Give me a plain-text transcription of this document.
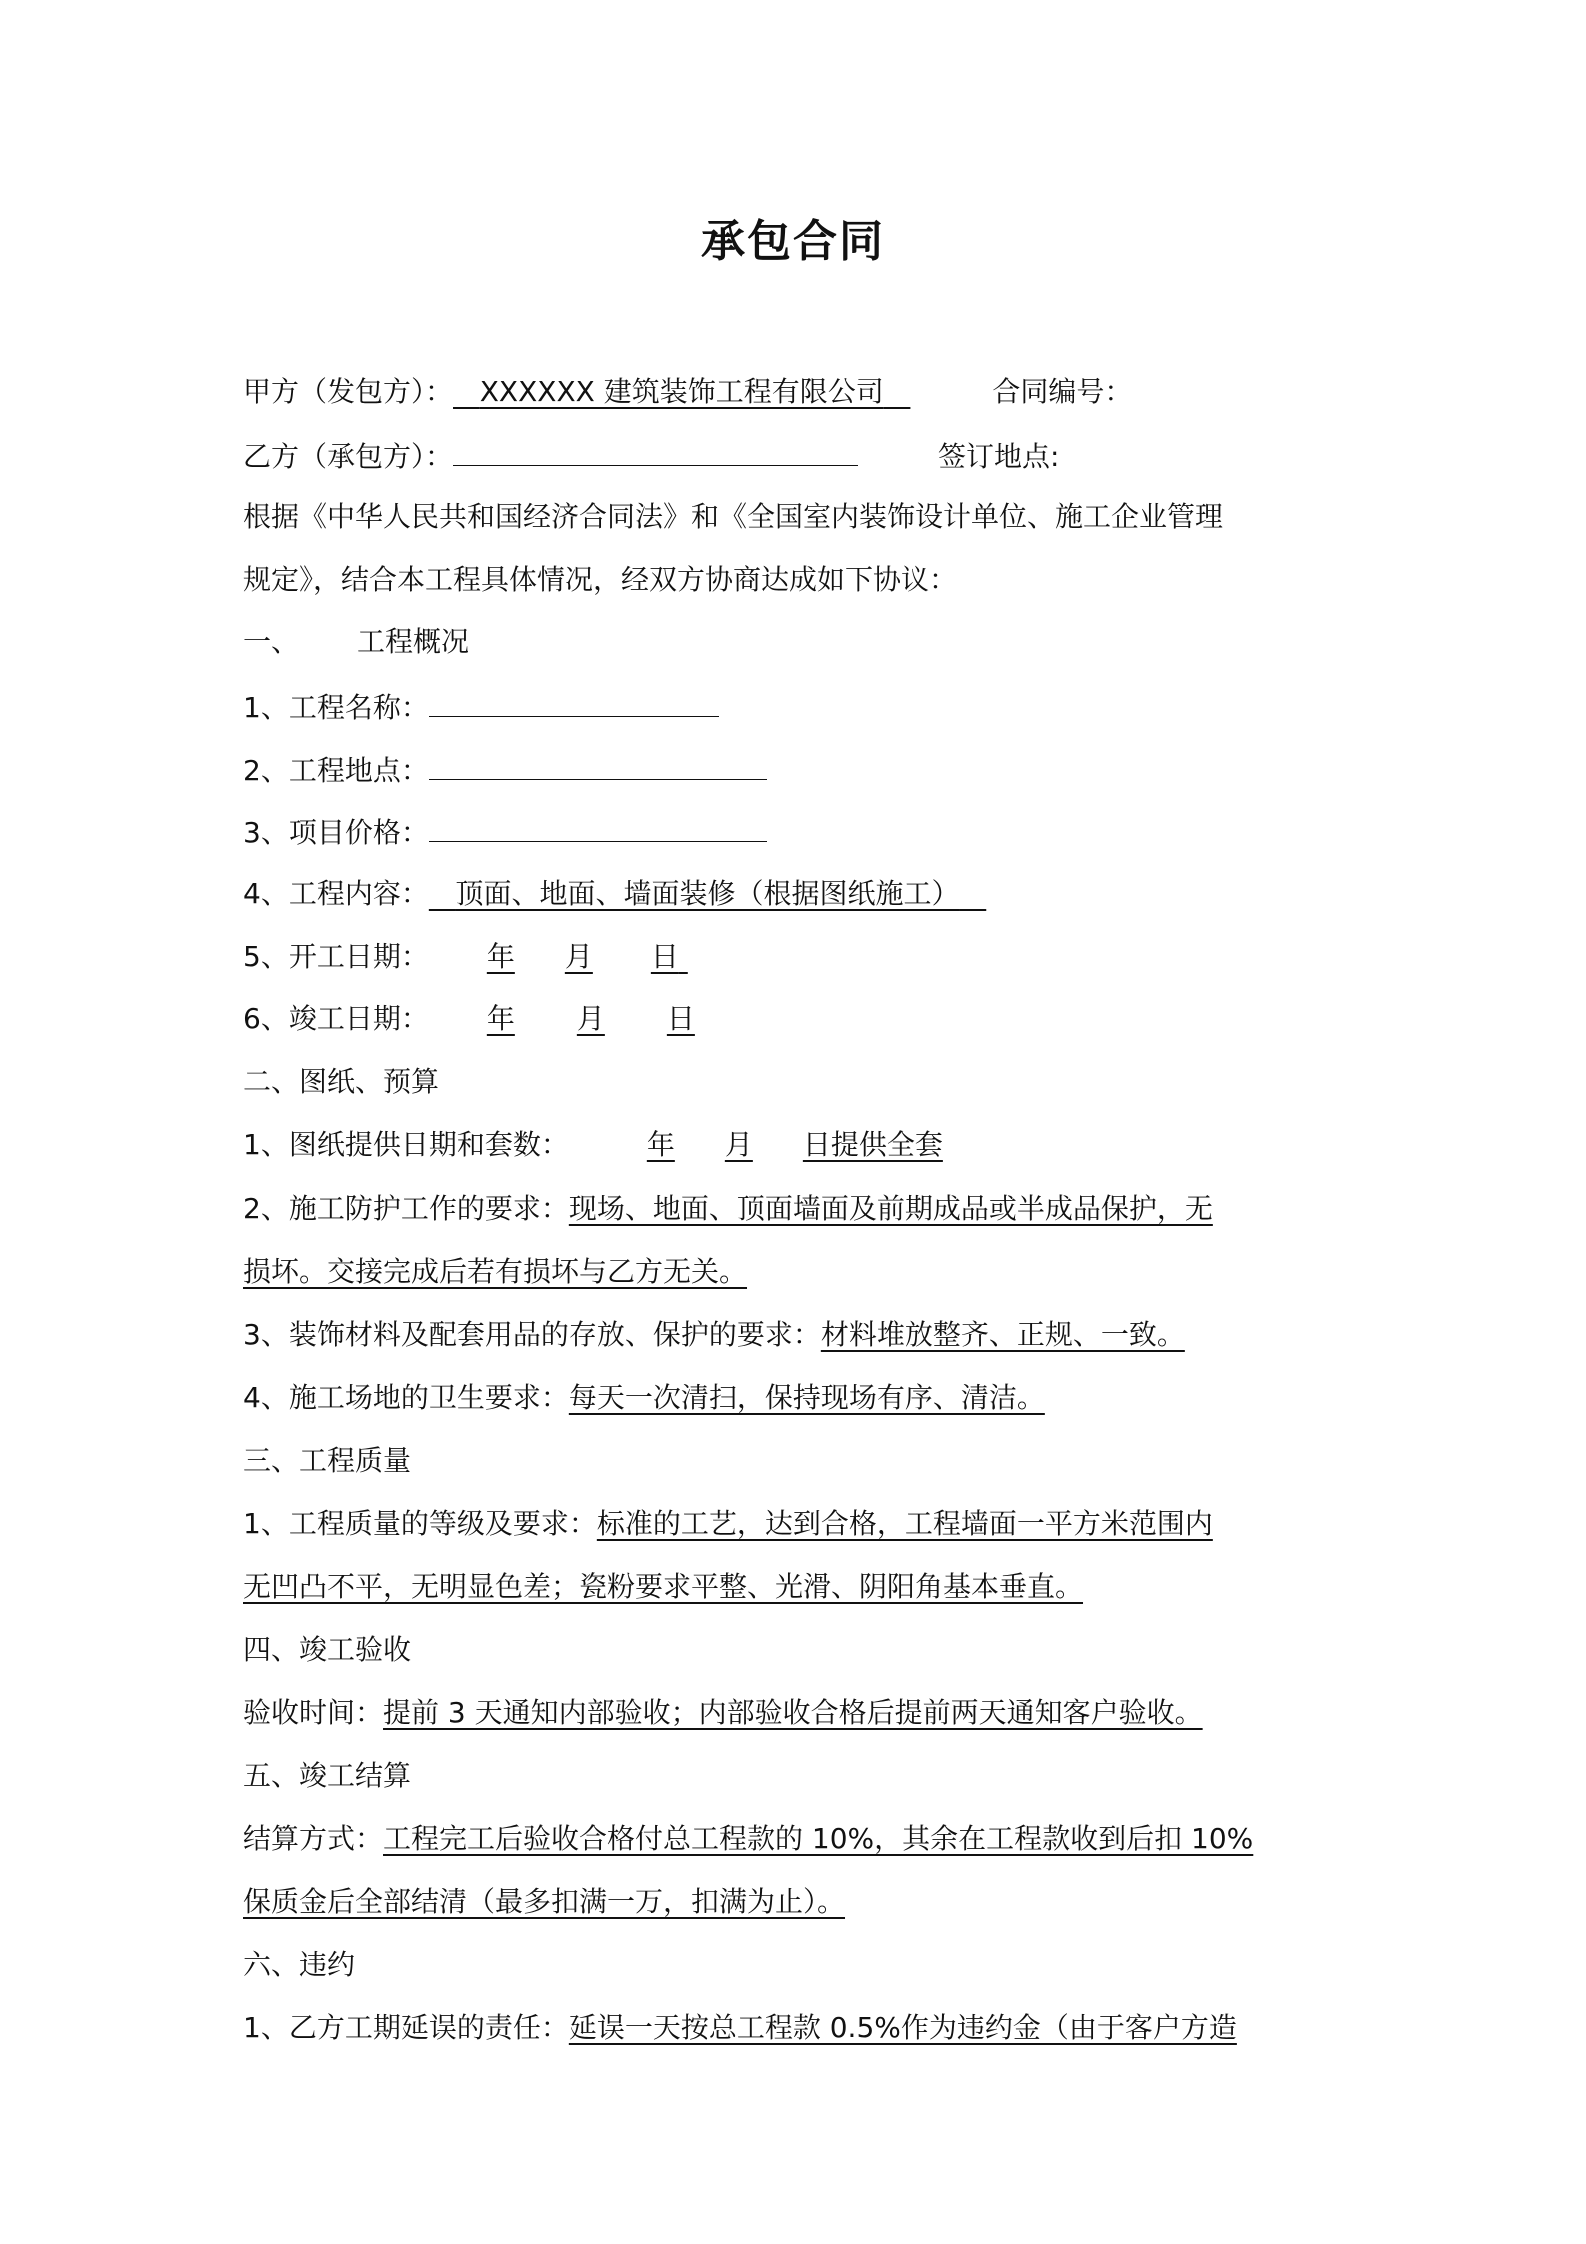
承包合同
甲方（发包方）： XXXXXX 建筑装饰工程有限公司	合同编号：
乙方（承包方）：	签订地点:
根据《中华人民共和国经济合同法》和《全国室内装饰设计单位、施工企业管理
规定》，结合本工程具体情况，经双方协商达成如下协议：
一、 工程概况
1、工程名称：
2、工程地点：
3、项目价格：
4、工程内容： 顶面、地面、墙面装修（根据图纸施工）
5、开工日期： 年 月 日
6、竣工日期： 年 月 日
二、图纸、预算
1、图纸提供日期和套数：	年 月 日提供全套
2、施工防护工作的要求：现场、地面、顶面墙面及前期成品或半成品保护，无
损坏。交接完成后若有损坏与乙方无关。
3、装饰材料及配套用品的存放、保护的要求：材料堆放整齐、正规、一致。
4、施工场地的卫生要求：每天一次清扫，保持现场有序、清洁。
三、工程质量
1、工程质量的等级及要求：标准的工艺，达到合格，工程墙面一平方米范围内
无凹凸不平，无明显色差；瓷粉要求平整、光滑、阴阳角基本垂直。
四、竣工验收
验收时间：提前 3 天通知内部验收；内部验收合格后提前两天通知客户验收。
五、竣工结算
结算方式：工程完工后验收合格付总工程款的 10%，其余在工程款收到后扣 10%
保质金后全部结清（最多扣满一万，扣满为止）。
六、违约
1、乙方工期延误的责任：延误一天按总工程款 0.5%作为违约金（由于客户方造
